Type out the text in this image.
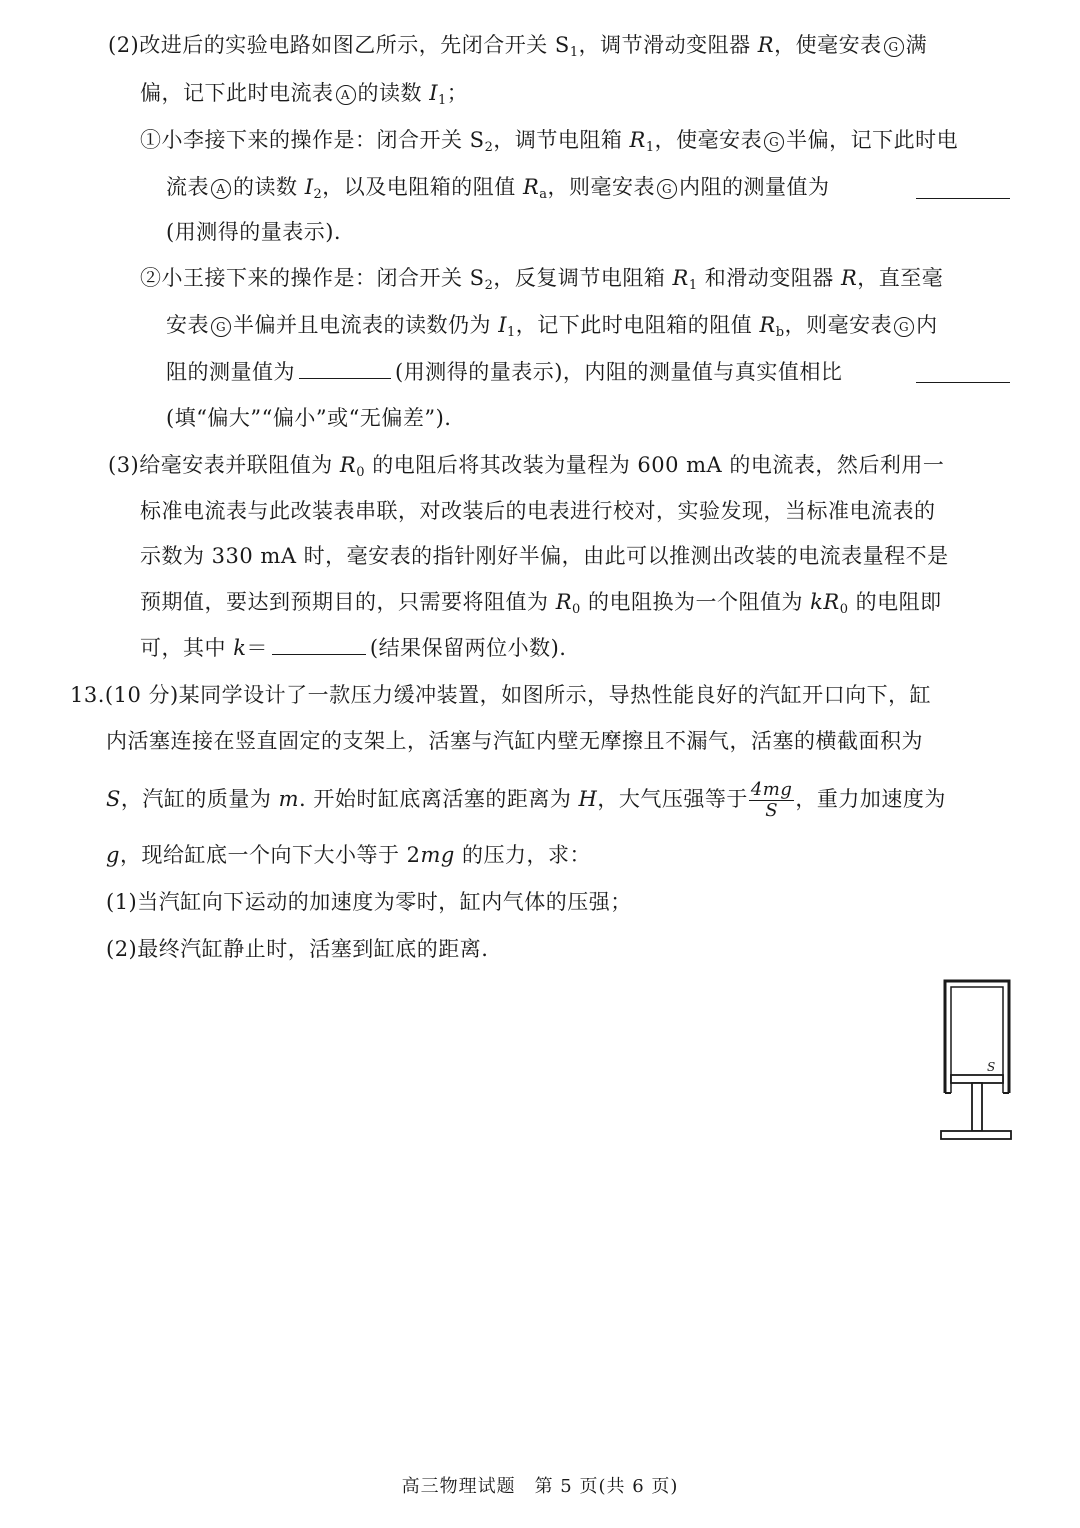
(2)改进后的实验电路如图乙所示，先闭合开关 $S_1$，调节滑动变阻器 R，使毫安表 G 满
偏，记下此时电流表 A 的读数 $I_1$；
①小李接下来的操作是：闭合开关 $S_2$，调节电阻箱 $R_1$，使毫安表 G 半偏，记下此时电
流表 A 的读数 $I_2$，以及电阻箱的阻值 $R_a$，则毫安表 G 内阻的测量值为
(用测得的量表示).
②小王接下来的操作是：闭合开关 $S_2$，反复调节电阻箱 $R_1$ 和滑动变阻器 R，直至毫
安表 G 半偏并且电流表的读数仍为 $I_1$，记下此时电阻箱的阻值 $R_b$，则毫安表 G 内
阻的测量值为	(用测得的量表示)，内阻的测量值与真实值相比
(填“偏大”“偏小”或“无偏差”).
(3)给毫安表并联阻值为 $R_0$ 的电阻后将其改装为量程为 600 mA 的电流表，然后利用一
标准电流表与此改装表串联，对改装后的电表进行校对，实验发现，当标准电流表的
示数为 330 mA 时，毫安表的指针刚好半偏，由此可以推测出改装的电流表量程不是
预期值，要达到预期目的，只需要将阻值为 $R_0$ 的电阻换为一个阻值为 $kR_0$ 的电阻即
可，其中 k＝	(结果保留两位小数).
13.(10 分)某同学设计了一款压力缓冲装置，如图所示，导热性能良好的汽缸开口向下，缸
内活塞连接在竖直固定的支架上，活塞与汽缸内壁无摩擦且不漏气，活塞的横截面积为
S，汽缸的质量为 m. 开始时缸底离活塞的距离为 H，大气压强等于 $\frac{4mg}{S}$ ，重力加速度为
g，现给缸底一个向下大小等于 2mg 的压力，求：
(1)当汽缸向下运动的加速度为零时，缸内气体的压强；
(2)最终汽缸静止时，活塞到缸底的距离.
S
高三物理试题　第 5 页(共 6 页)
